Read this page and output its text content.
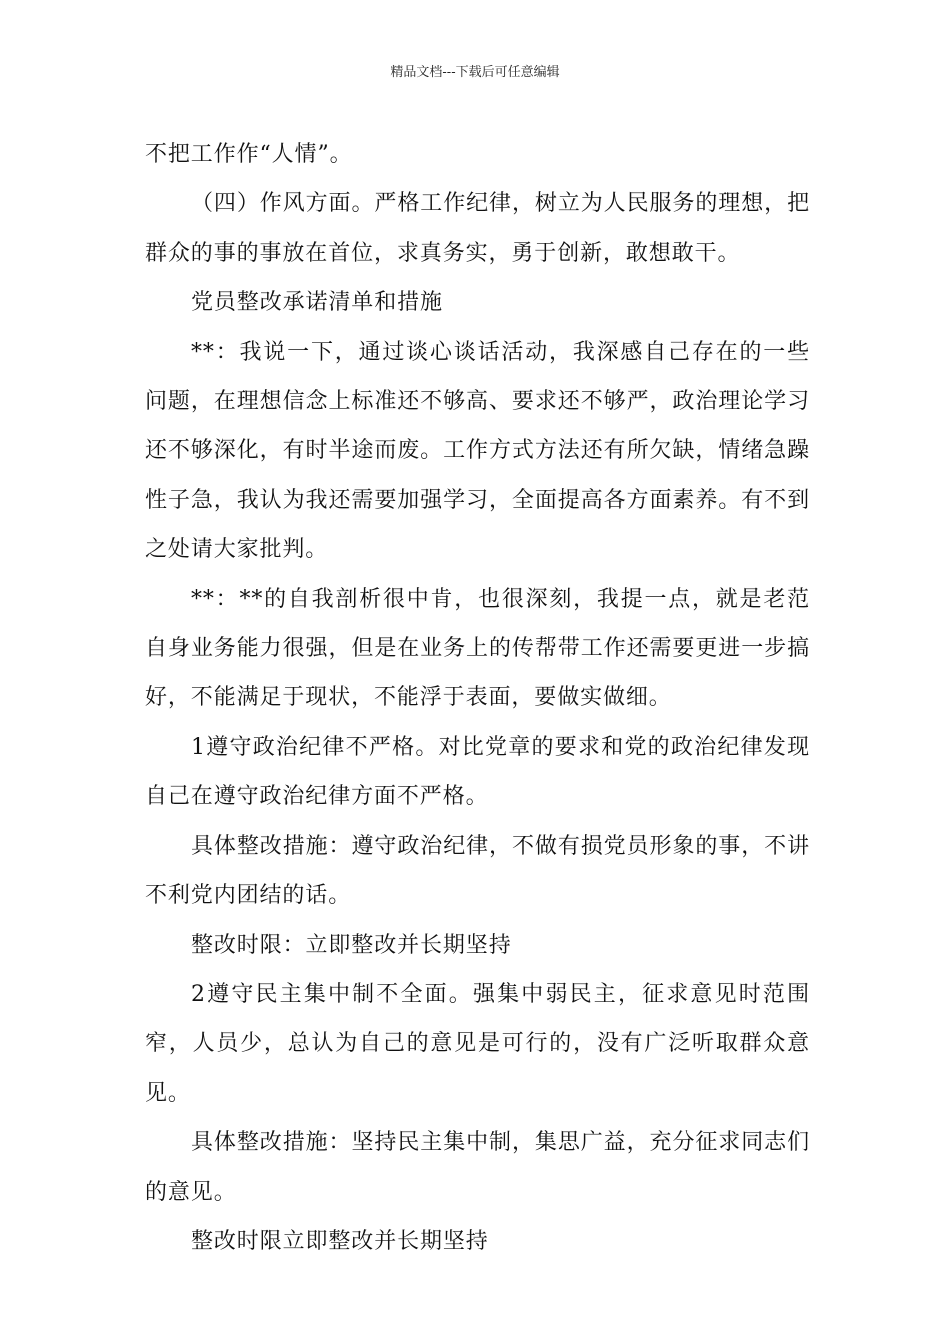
精品文档---下载后可任意编辑

不把工作作“人情”。

（四）作风方面。严格工作纪律，树立为人民服务的理想，把群众的事的事放在首位，求真务实，勇于创新，敢想敢干。

党员整改承诺清单和措施

**：我说一下，通过谈心谈话活动，我深感自己存在的一些问题，在理想信念上标准还不够高、要求还不够严，政治理论学习还不够深化，有时半途而废。工作方式方法还有所欠缺，情绪急躁性子急，我认为我还需要加强学习，全面提高各方面素养。有不到之处请大家批判。

**：**的自我剖析很中肯，也很深刻，我提一点，就是老范自身业务能力很强，但是在业务上的传帮带工作还需要更进一步搞好，不能满足于现状，不能浮于表面，要做实做细。

1遵守政治纪律不严格。对比党章的要求和党的政治纪律发现自己在遵守政治纪律方面不严格。

具体整改措施：遵守政治纪律，不做有损党员形象的事，不讲不利党内团结的话。

整改时限：立即整改并长期坚持

2遵守民主集中制不全面。强集中弱民主，征求意见时范围窄，人员少，总认为自己的意见是可行的，没有广泛听取群众意见。

具体整改措施：坚持民主集中制，集思广益，充分征求同志们的意见。

整改时限立即整改并长期坚持
